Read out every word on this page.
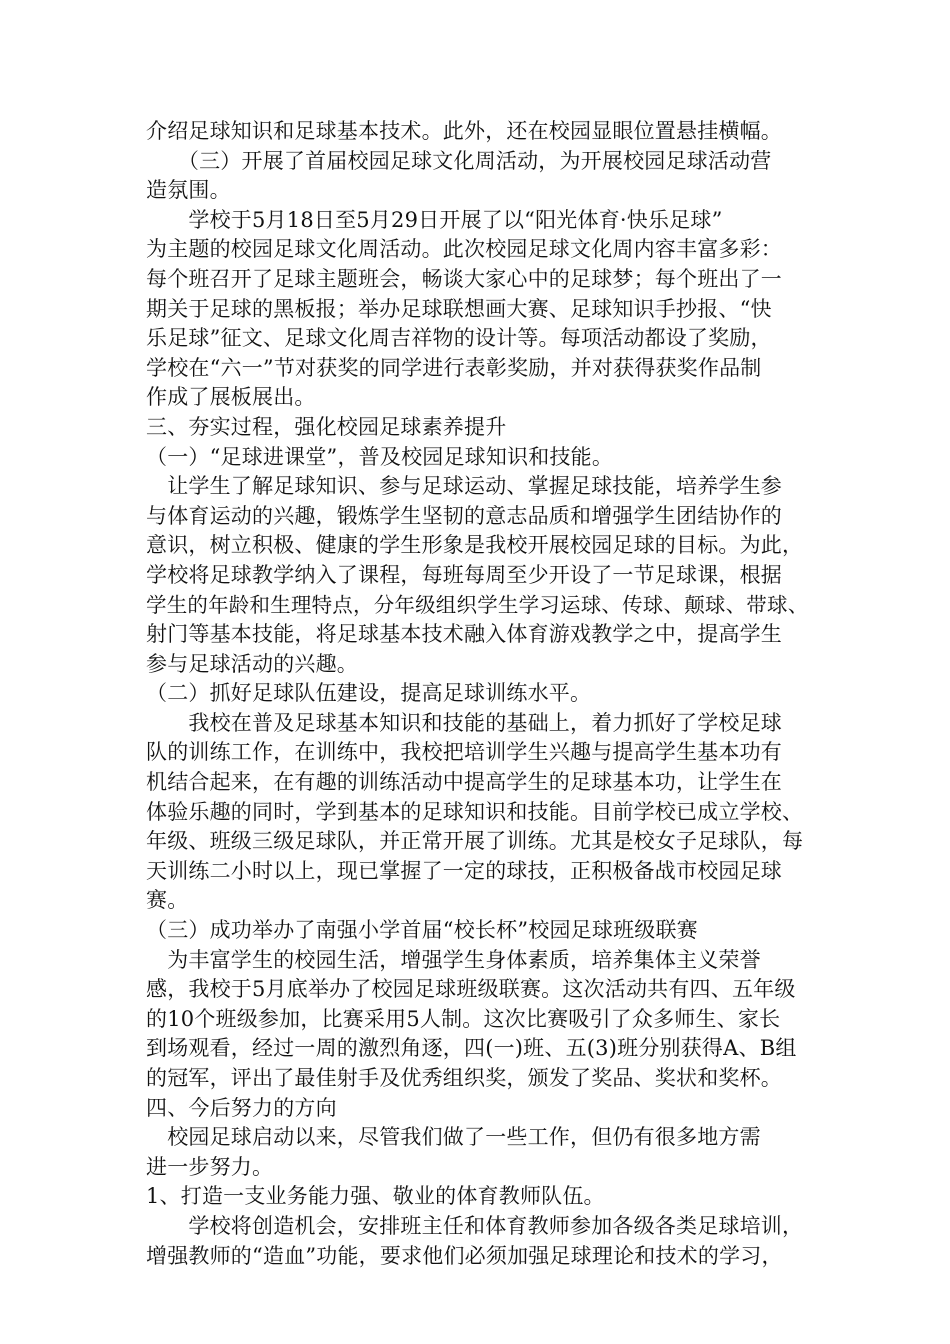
介绍足球知识和足球基本技术。此外，还在校园显眼位置悬挂横幅。
　　（三）开展了首届校园足球文化周活动，为开展校园足球活动营
造氛围。
　　学校于5月18日至5月29日开展了以“阳光体育·快乐足球”
为主题的校园足球文化周活动。此次校园足球文化周内容丰富多彩：
每个班召开了足球主题班会，畅谈大家心中的足球梦；每个班出了一
期关于足球的黑板报；举办足球联想画大赛、足球知识手抄报、“快
乐足球”征文、足球文化周吉祥物的设计等。每项活动都设了奖励，
学校在“六一”节对获奖的同学进行表彰奖励，并对获得获奖作品制
作成了展板展出。
三、夯实过程，强化校园足球素养提升
（一）“足球进课堂”，普及校园足球知识和技能。
　让学生了解足球知识、参与足球运动、掌握足球技能，培养学生参
与体育运动的兴趣，锻炼学生坚韧的意志品质和增强学生团结协作的
意识，树立积极、健康的学生形象是我校开展校园足球的目标。为此，
学校将足球教学纳入了课程，每班每周至少开设了一节足球课，根据
学生的年龄和生理特点，分年级组织学生学习运球、传球、颠球、带球、
射门等基本技能，将足球基本技术融入体育游戏教学之中，提高学生
参与足球活动的兴趣。
（二）抓好足球队伍建设，提高足球训练水平。
　　我校在普及足球基本知识和技能的基础上，着力抓好了学校足球
队的训练工作，在训练中，我校把培训学生兴趣与提高学生基本功有
机结合起来，在有趣的训练活动中提高学生的足球基本功，让学生在
体验乐趣的同时，学到基本的足球知识和技能。目前学校已成立学校、
年级、班级三级足球队，并正常开展了训练。尤其是校女子足球队，每
天训练二小时以上，现已掌握了一定的球技，正积极备战市校园足球
赛。
（三）成功举办了南强小学首届“校长杯”校园足球班级联赛
　为丰富学生的校园生活，增强学生身体素质，培养集体主义荣誉
感，我校于5月底举办了校园足球班级联赛。这次活动共有四、五年级
的10个班级参加，比赛采用5人制。这次比赛吸引了众多师生、家长
到场观看，经过一周的激烈角逐，四(一)班、五(3)班分别获得A、B组
的冠军，评出了最佳射手及优秀组织奖，颁发了奖品、奖状和奖杯。
四、今后努力的方向
　校园足球启动以来，尽管我们做了一些工作，但仍有很多地方需
进一步努力。
1、打造一支业务能力强、敬业的体育教师队伍。
　　学校将创造机会，安排班主任和体育教师参加各级各类足球培训，
增强教师的“造血”功能，要求他们必须加强足球理论和技术的学习，
